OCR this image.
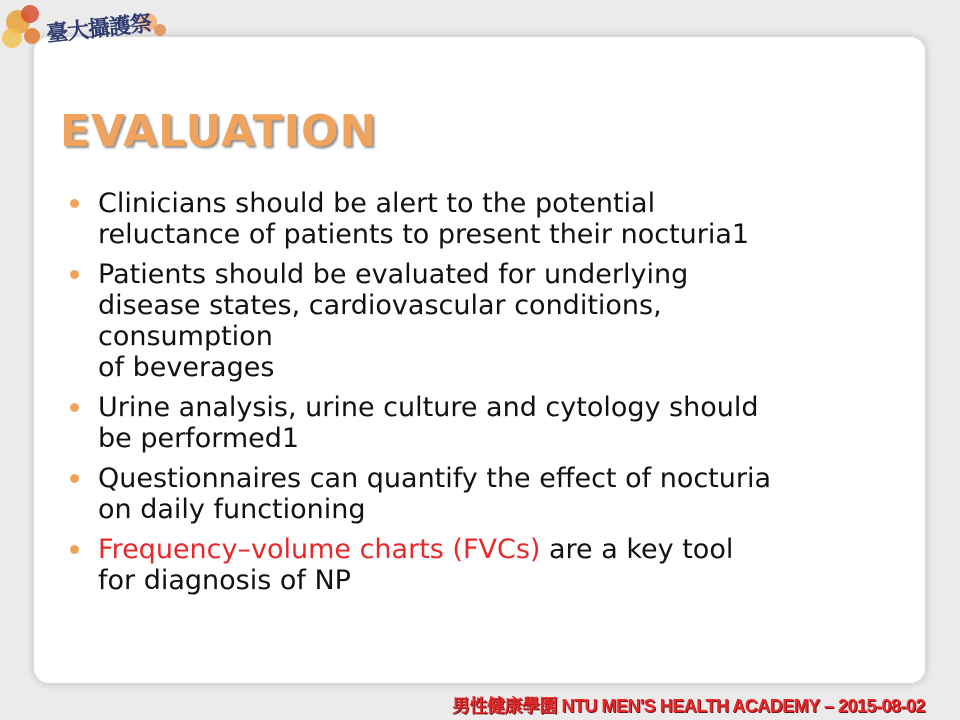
臺大攝護祭
EVALUATION
Clinicians should be alert to the potential
reluctance of patients to present their nocturia1
Patients should be evaluated for underlying
disease states, cardiovascular conditions,
consumption
of beverages
Urine analysis, urine culture and cytology should
be performed1
Questionnaires can quantify the effect of nocturia
on daily functioning
Frequency–volume charts (FVCs) are a key tool
for diagnosis of NP
男性健康學園 NTU MEN'S HEALTH ACADEMY – 2015-08-02
